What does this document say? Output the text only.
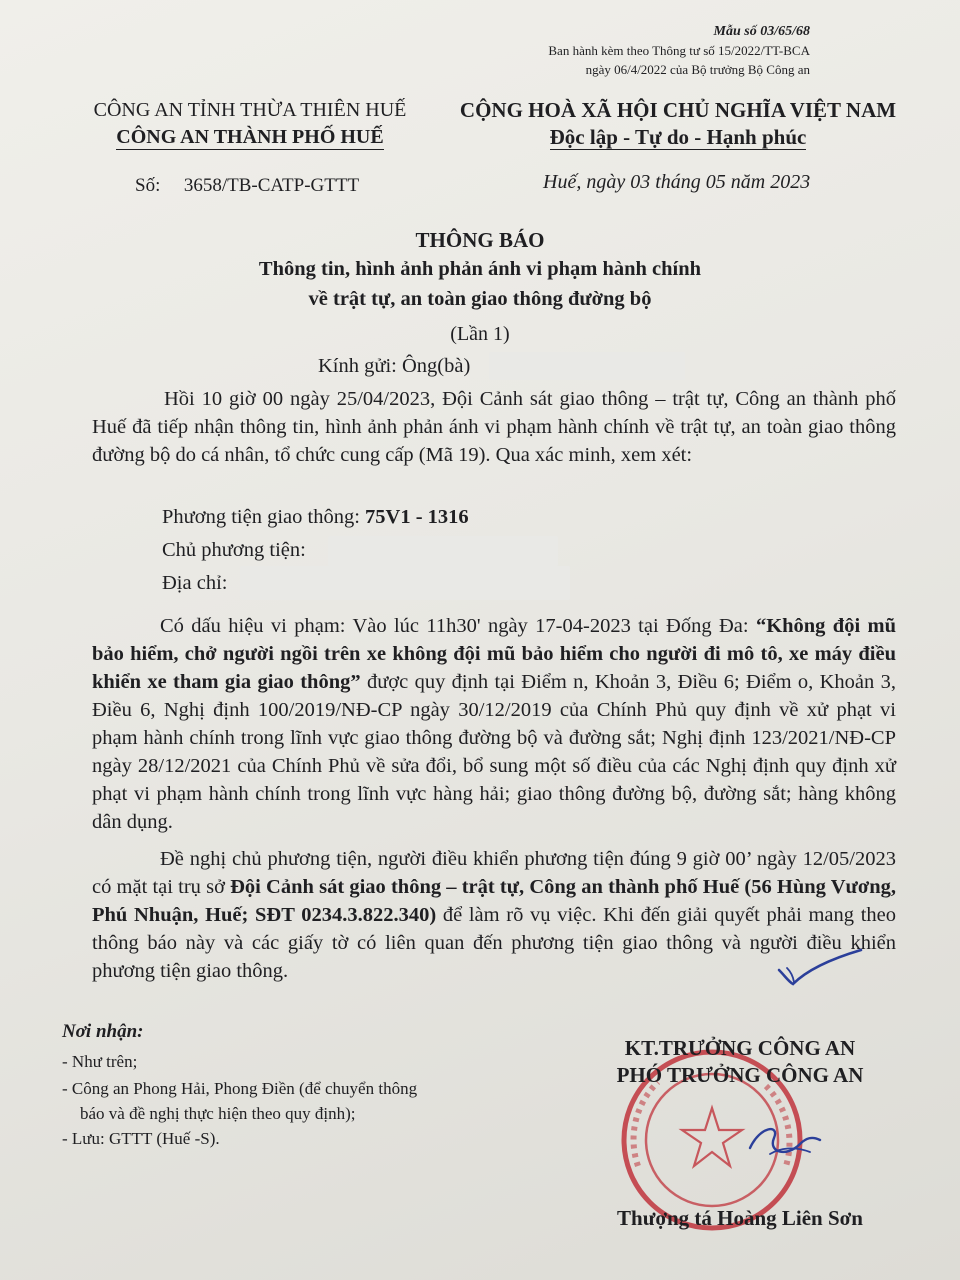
Mẫu số 03/65/68
Ban hành kèm theo Thông tư số 15/2022/TT-BCA
ngày 06/4/2022 của Bộ trưởng Bộ Công an
CÔNG AN TỈNH THỪA THIÊN HUẾ
CÔNG AN THÀNH PHỐ HUẾ
CỘNG HOÀ XÃ HỘI CHỦ NGHĨA VIỆT NAM
Độc lập - Tự do - Hạnh phúc
Số: 3658/TB-CATP-GTTT	Huế, ngày 03 tháng 05 năm 2023
THÔNG BÁO
Thông tin, hình ảnh phản ánh vi phạm hành chính
về trật tự, an toàn giao thông đường bộ
(Lần 1)
Kính gửi: Ông(bà)
Hồi 10 giờ 00 ngày 25/04/2023, Đội Cảnh sát giao thông – trật tự, Công an thành phố Huế đã tiếp nhận thông tin, hình ảnh phản ánh vi phạm hành chính về trật tự, an toàn giao thông đường bộ do cá nhân, tổ chức cung cấp (Mã 19). Qua xác minh, xem xét:
Phương tiện giao thông: 75V1 - 1316
Chủ phương tiện:
Địa chỉ:
Có dấu hiệu vi phạm: Vào lúc 11h30' ngày 17-04-2023 tại Đống Đa: “Không đội mũ bảo hiểm, chở người ngồi trên xe không đội mũ bảo hiểm cho người đi mô tô, xe máy điều khiển xe tham gia giao thông” được quy định tại Điểm n, Khoản 3, Điều 6; Điểm o, Khoản 3, Điều 6, Nghị định 100/2019/NĐ-CP ngày 30/12/2019 của Chính Phủ quy định về xử phạt vi phạm hành chính trong lĩnh vực giao thông đường bộ và đường sắt; Nghị định 123/2021/NĐ-CP ngày 28/12/2021 của Chính Phủ về sửa đổi, bổ sung một số điều của các Nghị định quy định xử phạt vi phạm hành chính trong lĩnh vực hàng hải; giao thông đường bộ, đường sắt; hàng không dân dụng.
Đề nghị chủ phương tiện, người điều khiển phương tiện đúng 9 giờ 00’ ngày 12/05/2023 có mặt tại trụ sở Đội Cảnh sát giao thông – trật tự, Công an thành phố Huế (56 Hùng Vương, Phú Nhuận, Huế; SĐT 0234.3.822.340) để làm rõ vụ việc. Khi đến giải quyết phải mang theo thông báo này và các giấy tờ có liên quan đến phương tiện giao thông và người điều khiển phương tiện giao thông.
Nơi nhận:
- Như trên;
- Công an Phong Hải, Phong Điền (để chuyển thông
báo và đề nghị thực hiện theo quy định);
- Lưu: GTTT (Huế -S).
KT.TRƯỞNG CÔNG AN
PHÓ TRƯỞNG CÔNG AN
Thượng tá Hoàng Liên Sơn
